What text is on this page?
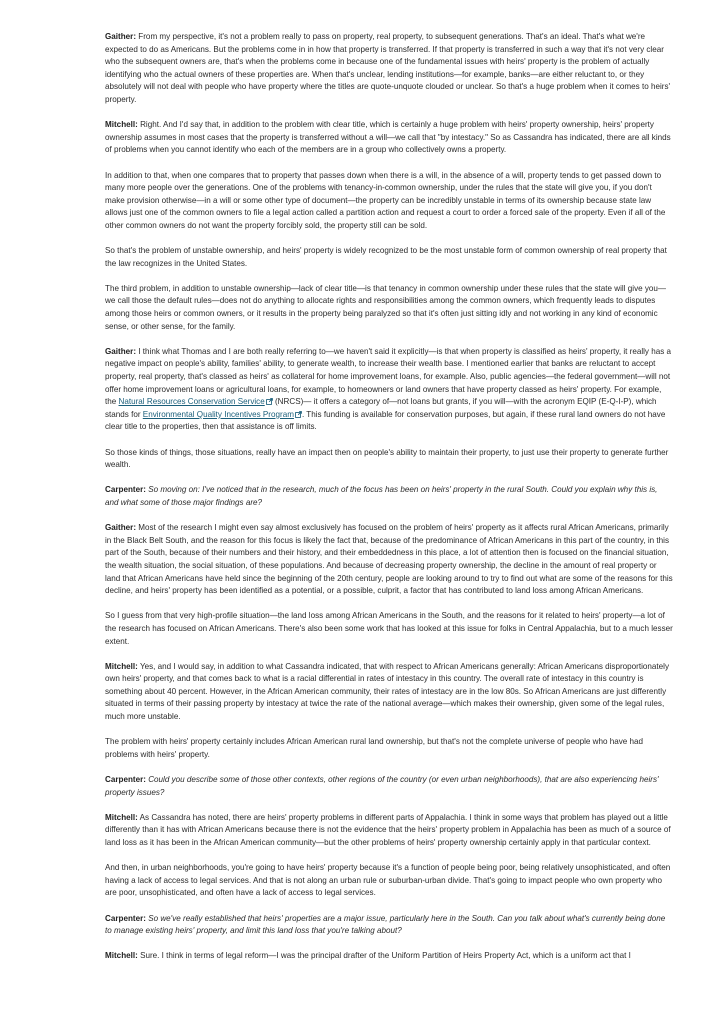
Gaither: From my perspective, it's not a problem really to pass on property, real property, to subsequent generations. That's an ideal. That's what we're expected to do as Americans. But the problems come in in how that property is transferred. If that property is transferred in such a way that it's not very clear who the subsequent owners are, that's when the problems come in because one of the fundamental issues with heirs' property is the problem of actually identifying who the actual owners of these properties are. When that's unclear, lending institutions—for example, banks—are either reluctant to, or they absolutely will not deal with people who have property where the titles are quote-unquote clouded or unclear. So that's a huge problem when it comes to heirs' property.

Mitchell: Right. And I'd say that, in addition to the problem with clear title, which is certainly a huge problem with heirs' property ownership, heirs' property ownership assumes in most cases that the property is transferred without a will—we call that "by intestacy." So as Cassandra has indicated, there are all kinds of problems when you cannot identify who each of the members are in a group who collectively owns a property.

In addition to that, when one compares that to property that passes down when there is a will, in the absence of a will, property tends to get passed down to many more people over the generations. One of the problems with tenancy-in-common ownership, under the rules that the state will give you, if you don't make provision otherwise—in a will or some other type of document—the property can be incredibly unstable in terms of its ownership because state law allows just one of the common owners to file a legal action called a partition action and request a court to order a forced sale of the property. Even if all of the other common owners do not want the property forcibly sold, the property still can be sold.

So that's the problem of unstable ownership, and heirs' property is widely recognized to be the most unstable form of common ownership of real property that the law recognizes in the United States.

The third problem, in addition to unstable ownership—lack of clear title—is that tenancy in common ownership under these rules that the state will give you—we call those the default rules—does not do anything to allocate rights and responsibilities among the common owners, which frequently leads to disputes among those heirs or common owners, or it results in the property being paralyzed so that it's often just sitting idly and not working in any kind of economic sense, or other sense, for the family.

Gaither: I think what Thomas and I are both really referring to—we haven't said it explicitly—is that when property is classified as heirs' property, it really has a negative impact on people's ability, families' ability, to generate wealth, to increase their wealth base. I mentioned earlier that banks are reluctant to accept property, real property, that's classed as heirs' as collateral for home improvement loans, for example. Also, public agencies—the federal government—will not offer home improvement loans or agricultural loans, for example, to homeowners or land owners that have property classed as heirs' property. For example, the Natural Resources Conservation Service (NRCS)— it offers a category of—not loans but grants, if you will—with the acronym EQIP (E-Q-I-P), which stands for Environmental Quality Incentives Program . This funding is available for conservation purposes, but again, if these rural land owners do not have clear title to the properties, then that assistance is off limits.

So those kinds of things, those situations, really have an impact then on people's ability to maintain their property, to just use their property to generate further wealth.

Carpenter: So moving on: I've noticed that in the research, much of the focus has been on heirs' property in the rural South. Could you explain why this is, and what some of those major findings are?

Gaither: Most of the research I might even say almost exclusively has focused on the problem of heirs' property as it affects rural African Americans, primarily in the Black Belt South, and the reason for this focus is likely the fact that, because of the predominance of African Americans in this part of the country, in this part of the South, because of their numbers and their history, and their embeddedness in this place, a lot of attention then is focused on the financial situation, the wealth situation, the social situation, of these populations. And because of decreasing property ownership, the decline in the amount of real property or land that African Americans have held since the beginning of the 20th century, people are looking around to try to find out what are some of the reasons for this decline, and heirs' property has been identified as a potential, or a possible, culprit, a factor that has contributed to land loss among African Americans.

So I guess from that very high-profile situation—the land loss among African Americans in the South, and the reasons for it related to heirs' property—a lot of the research has focused on African Americans. There's also been some work that has looked at this issue for folks in Central Appalachia, but to a much lesser extent.

Mitchell: Yes, and I would say, in addition to what Cassandra indicated, that with respect to African Americans generally: African Americans disproportionately own heirs' property, and that comes back to what is a racial differential in rates of intestacy in this country. The overall rate of intestacy in this country is something about 40 percent. However, in the African American community, their rates of intestacy are in the low 80s. So African Americans are just differently situated in terms of their passing property by intestacy at twice the rate of the national average—which makes their ownership, given some of the legal rules, much more unstable.

The problem with heirs' property certainly includes African American rural land ownership, but that's not the complete universe of people who have had problems with heirs' property.

Carpenter: Could you describe some of those other contexts, other regions of the country (or even urban neighborhoods), that are also experiencing heirs' property issues?

Mitchell: As Cassandra has noted, there are heirs' property problems in different parts of Appalachia. I think in some ways that problem has played out a little differently than it has with African Americans because there is not the evidence that the heirs' property problem in Appalachia has been as much of a source of land loss as it has been in the African American community—but the other problems of heirs' property ownership certainly apply in that particular context.

And then, in urban neighborhoods, you're going to have heirs' property because it's a function of people being poor, being relatively unsophisticated, and often having a lack of access to legal services. And that is not along an urban rule or suburban-urban divide. That's going to impact people who own property who are poor, unsophisticated, and often have a lack of access to legal services.

Carpenter: So we've really established that heirs' properties are a major issue, particularly here in the South. Can you talk about what's currently being done to manage existing heirs' property, and limit this land loss that you're talking about?

Mitchell: Sure. I think in terms of legal reform—I was the principal drafter of the Uniform Partition of Heirs Property Act, which is a uniform act that I
